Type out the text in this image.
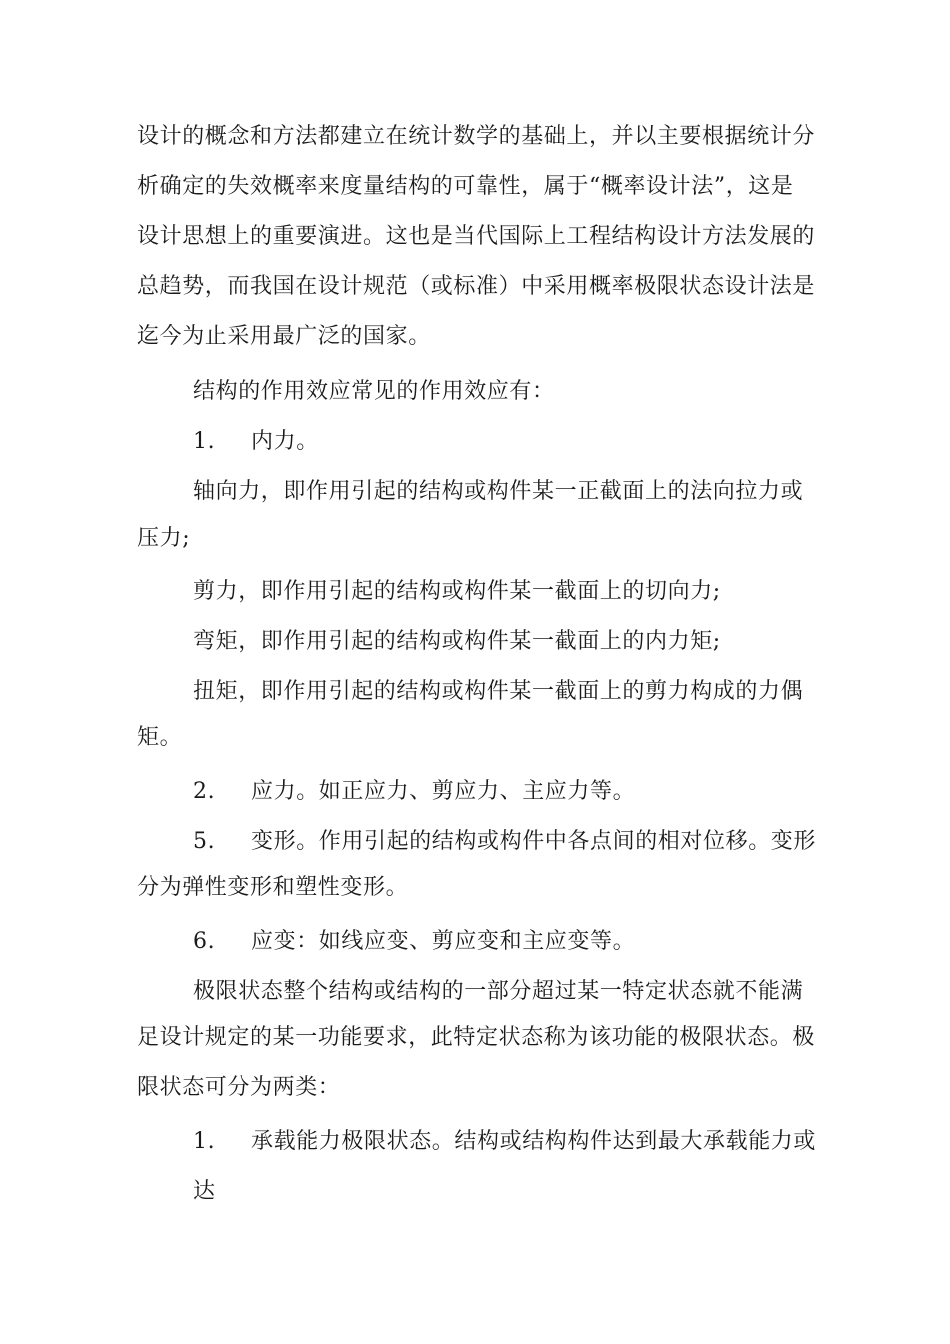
设计的概念和方法都建立在统计数学的基础上，并以主要根据统计分
析确定的失效概率来度量结构的可靠性，属于“概率设计法”，这是
设计思想上的重要演进。这也是当代国际上工程结构设计方法发展的
总趋势，而我国在设计规范（或标准）中采用概率极限状态设计法是
迄今为止采用最广泛的国家。
结构的作用效应常见的作用效应有：
1. 内力。
轴向力，即作用引起的结构或构件某一正截面上的法向拉力或
压力;
剪力，即作用引起的结构或构件某一截面上的切向力;
弯矩，即作用引起的结构或构件某一截面上的内力矩;
扭矩，即作用引起的结构或构件某一截面上的剪力构成的力偶
矩。
2. 应力。如正应力、剪应力、主应力等。
5. 变形。作用引起的结构或构件中各点间的相对位移。变形
分为弹性变形和塑性变形。
6. 应变：如线应变、剪应变和主应变等。
极限状态整个结构或结构的一部分超过某一特定状态就不能满
足设计规定的某一功能要求，此特定状态称为该功能的极限状态。极
限状态可分为两类：
1. 承载能力极限状态。结构或结构构件达到最大承载能力或
达
